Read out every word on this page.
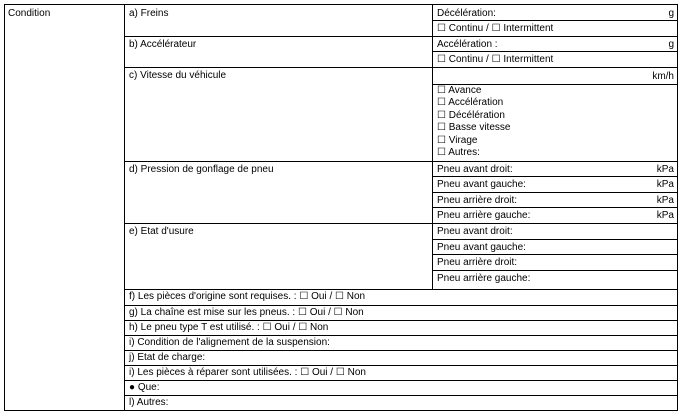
Condition	a) Freins	Décélération:	g
☐ Continu / ☐ Intermittent
b) Accélérateur	Accélération :	g
☐ Continu / ☐ Intermittent
c) Vitesse du véhicule	km/h
☐ Avance
☐ Accélération
☐ Décélération
☐ Basse vitesse
☐ Virage
☐ Autres:
d) Pression de gonflage de pneu	Pneu avant droit:	kPa
Pneu avant gauche:	kPa
Pneu arrière droit:	kPa
Pneu arrière gauche:	kPa
e) Etat d'usure	Pneu avant droit:
Pneu avant gauche:
Pneu arrière droit:
Pneu arrière gauche:
f) Les pièces d'origine sont requises. : ☐ Oui / ☐ Non
g) La chaîne est mise sur les pneus. : ☐ Oui / ☐ Non
h) Le pneu type T est utilisé. : ☐ Oui / ☐ Non
i) Condition de l'alignement de la suspension:
j) Etat de charge:
i) Les pièces à réparer sont utilisées. : ☐ Oui / ☐ Non
● Que:
l) Autres:
